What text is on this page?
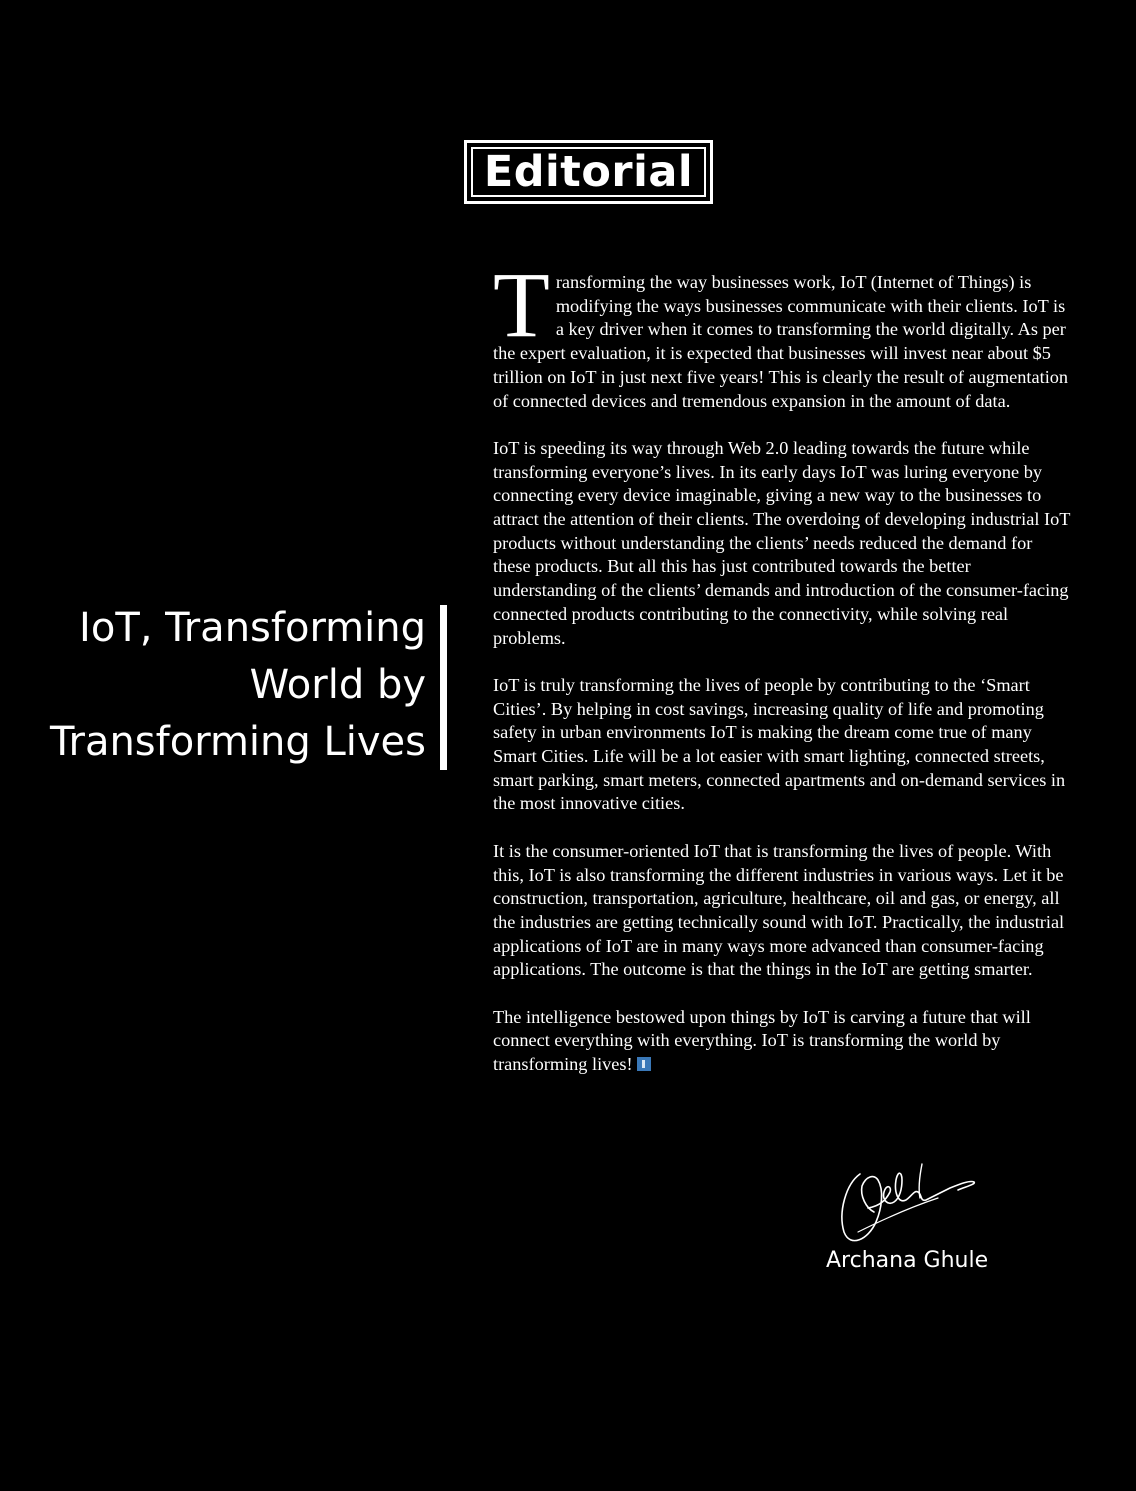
Editorial
IoT, Transforming
World by
Transforming Lives

Transforming the way businesses work, IoT (Internet of Things) is modifying the ways businesses communicate with their clients. IoT is a key driver when it comes to transforming the world digitally. As per the expert evaluation, it is expected that businesses will invest near about $5 trillion on IoT in just next five years! This is clearly the result of augmentation of connected devices and tremendous expansion in the amount of data.

IoT is speeding its way through Web 2.0 leading towards the future while transforming everyone’s lives. In its early days IoT was luring everyone by connecting every device imaginable, giving a new way to the businesses to attract the attention of their clients. The overdoing of developing industrial IoT products without understanding the clients’ needs reduced the demand for these products. But all this has just contributed towards the better understanding of the clients’ demands and introduction of the consumer-facing connected products contributing to the connectivity, while solving real problems.

IoT is truly transforming the lives of people by contributing to the ‘Smart Cities’. By helping in cost savings, increasing quality of life and promoting safety in urban environments IoT is making the dream come true of many Smart Cities. Life will be a lot easier with smart lighting, connected streets, smart parking, smart meters, connected apartments and on-demand services in the most innovative cities.

It is the consumer-oriented IoT that is transforming the lives of people. With this, IoT is also transforming the different industries in various ways. Let it be construction, transportation, agriculture, healthcare, oil and gas, or energy, all the industries are getting technically sound with IoT. Practically, the industrial applications of IoT are in many ways more advanced than consumer-facing applications. The outcome is that the things in the IoT are getting smarter.

The intelligence bestowed upon things by IoT is carving a future that will connect everything with everything. IoT is transforming the world by transforming lives!

Archana Ghule
